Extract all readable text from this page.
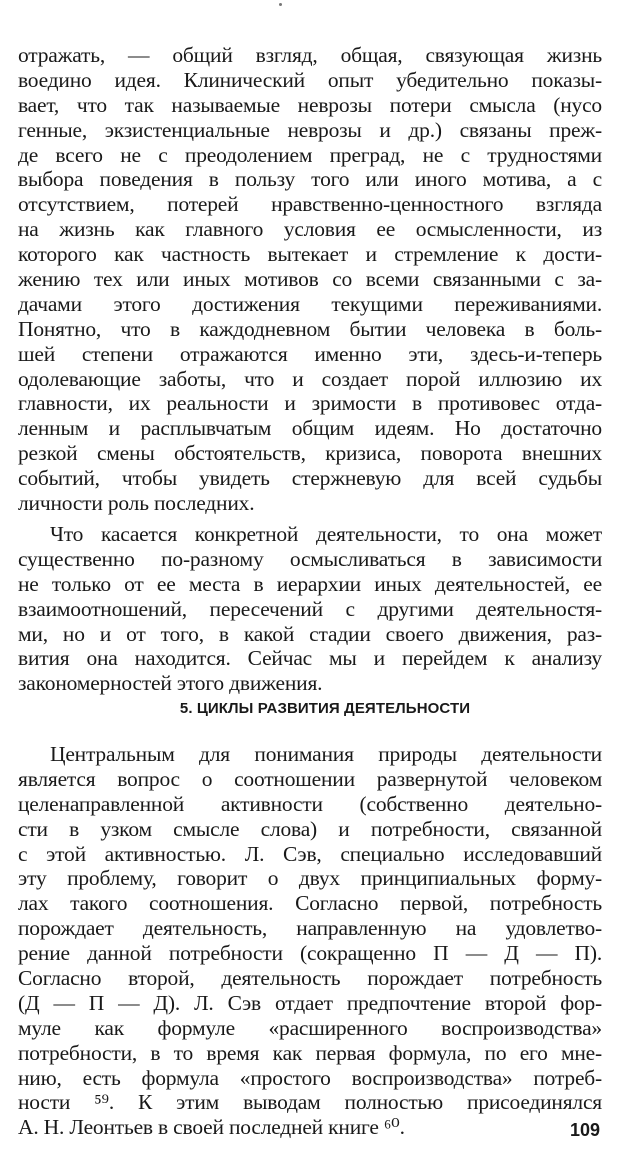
отражать, — общий взгляд, общая, связующая жизнь
воедино идея. Клинический опыт убедительно показы-
вает, что так называемые неврозы потери смысла (нусо
генные, экзистенциальные неврозы и др.) связаны преж-
де всего не с преодолением преград, не с трудностями
выбора поведения в пользу того или иного мотива, а с
отсутствием, потерей нравственно-ценностного взгляда
на жизнь как главного условия ее осмысленности, из
которого как частность вытекает и стремление к дости-
жению тех или иных мотивов со всеми связанными с за-
дачами этого достижения текущими переживаниями.
Понятно, что в каждодневном бытии человека в боль-
шей степени отражаются именно эти, здесь-и-теперь
одолевающие заботы, что и создает порой иллюзию их
главности, их реальности и зримости в противовес отда-
ленным и расплывчатым общим идеям. Но достаточно
резкой смены обстоятельств, кризиса, поворота внешних
событий, чтобы увидеть стержневую для всей судьбы
личности роль последних.
Что касается конкретной деятельности, то она может
существенно по-разному осмысливаться в зависимости
не только от ее места в иерархии иных деятельностей, ее
взаимоотношений, пересечений с другими деятельностя-
ми, но и от того, в какой стадии своего движения, раз-
вития она находится. Сейчас мы и перейдем к анализу
закономерностей этого движения.
5. ЦИКЛЫ РАЗВИТИЯ ДЕЯТЕЛЬНОСТИ
Центральным для понимания природы деятельности
является вопрос о соотношении развернутой человеком
целенаправленной активности (собственно деятельно-
сти в узком смысле слова) и потребности, связанной
с этой активностью. Л. Сэв, специально исследовавший
эту проблему, говорит о двух принципиальных форму-
лах такого соотношения. Согласно первой, потребность
порождает деятельность, направленную на удовлетво-
рение данной потребности (сокращенно П — Д — П).
Согласно второй, деятельность порождает потребность
(Д — П — Д). Л. Сэв отдает предпочтение второй фор-
муле как формуле «расширенного воспроизводства»
потребности, в то время как первая формула, по его мне-
нию, есть формула «простого воспроизводства» потреб-
ности ⁵⁹. К этим выводам полностью присоединялся
А. Н. Леонтьев в своей последней книге ⁶⁰.	109
